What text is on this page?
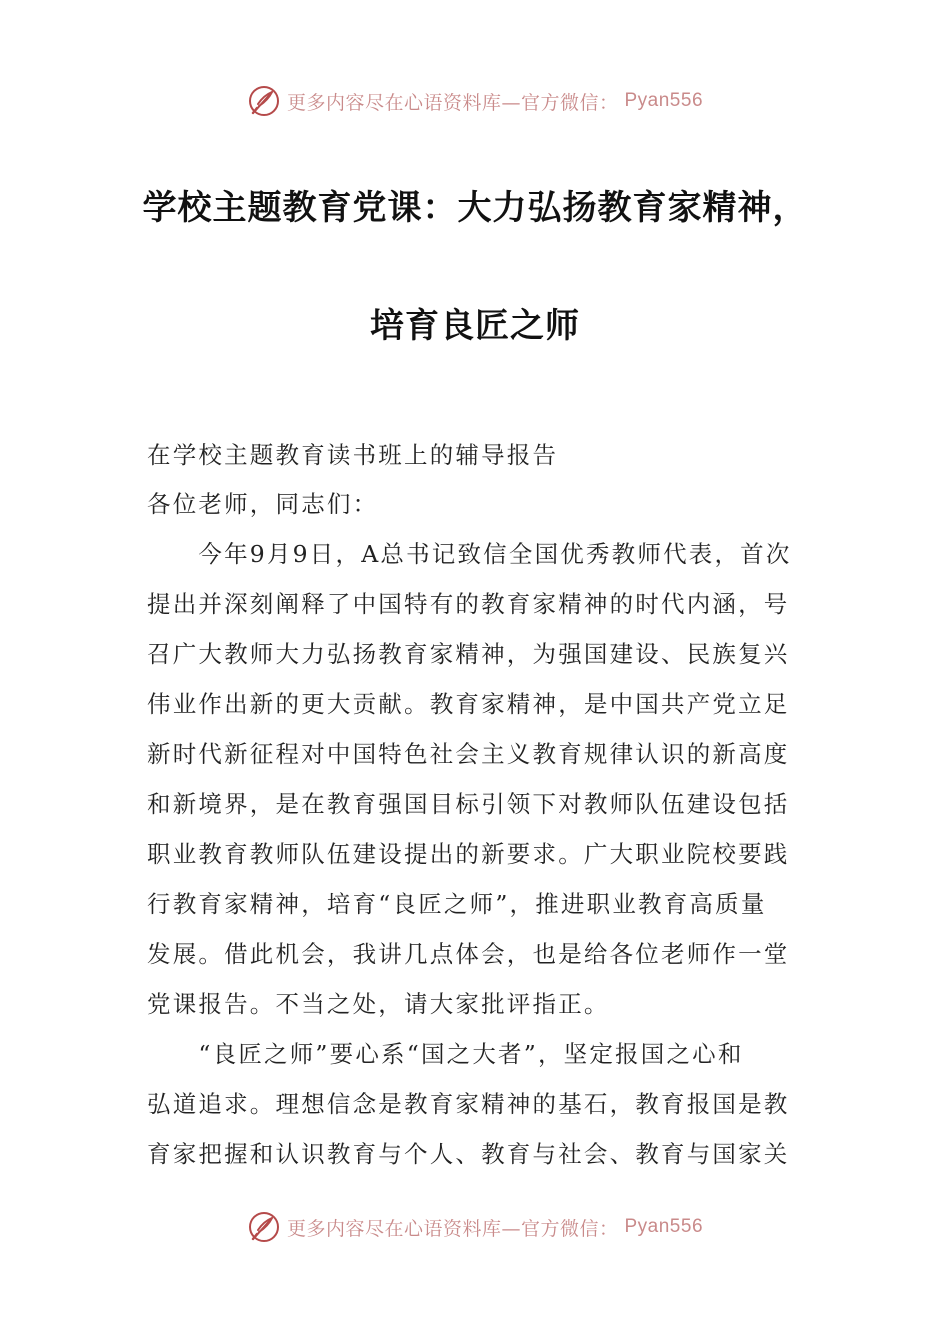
更多内容尽在心语资料库—官方微信： Pyan556
学校主题教育党课：大力弘扬教育家精神，
培育良匠之师
在学校主题教育读书班上的辅导报告
各位老师，同志们：
　　今年9月9日，A总书记致信全国优秀教师代表，首次
提出并深刻阐释了中国特有的教育家精神的时代内涵，号
召广大教师大力弘扬教育家精神，为强国建设、民族复兴
伟业作出新的更大贡献。教育家精神，是中国共产党立足
新时代新征程对中国特色社会主义教育规律认识的新高度
和新境界，是在教育强国目标引领下对教师队伍建设包括
职业教育教师队伍建设提出的新要求。广大职业院校要践
行教育家精神，培育“良匠之师”，推进职业教育高质量
发展。借此机会，我讲几点体会，也是给各位老师作一堂
党课报告。不当之处，请大家批评指正。
　　“良匠之师”要心系“国之大者”，坚定报国之心和
弘道追求。理想信念是教育家精神的基石，教育报国是教
育家把握和认识教育与个人、教育与社会、教育与国家关
更多内容尽在心语资料库—官方微信： Pyan556
